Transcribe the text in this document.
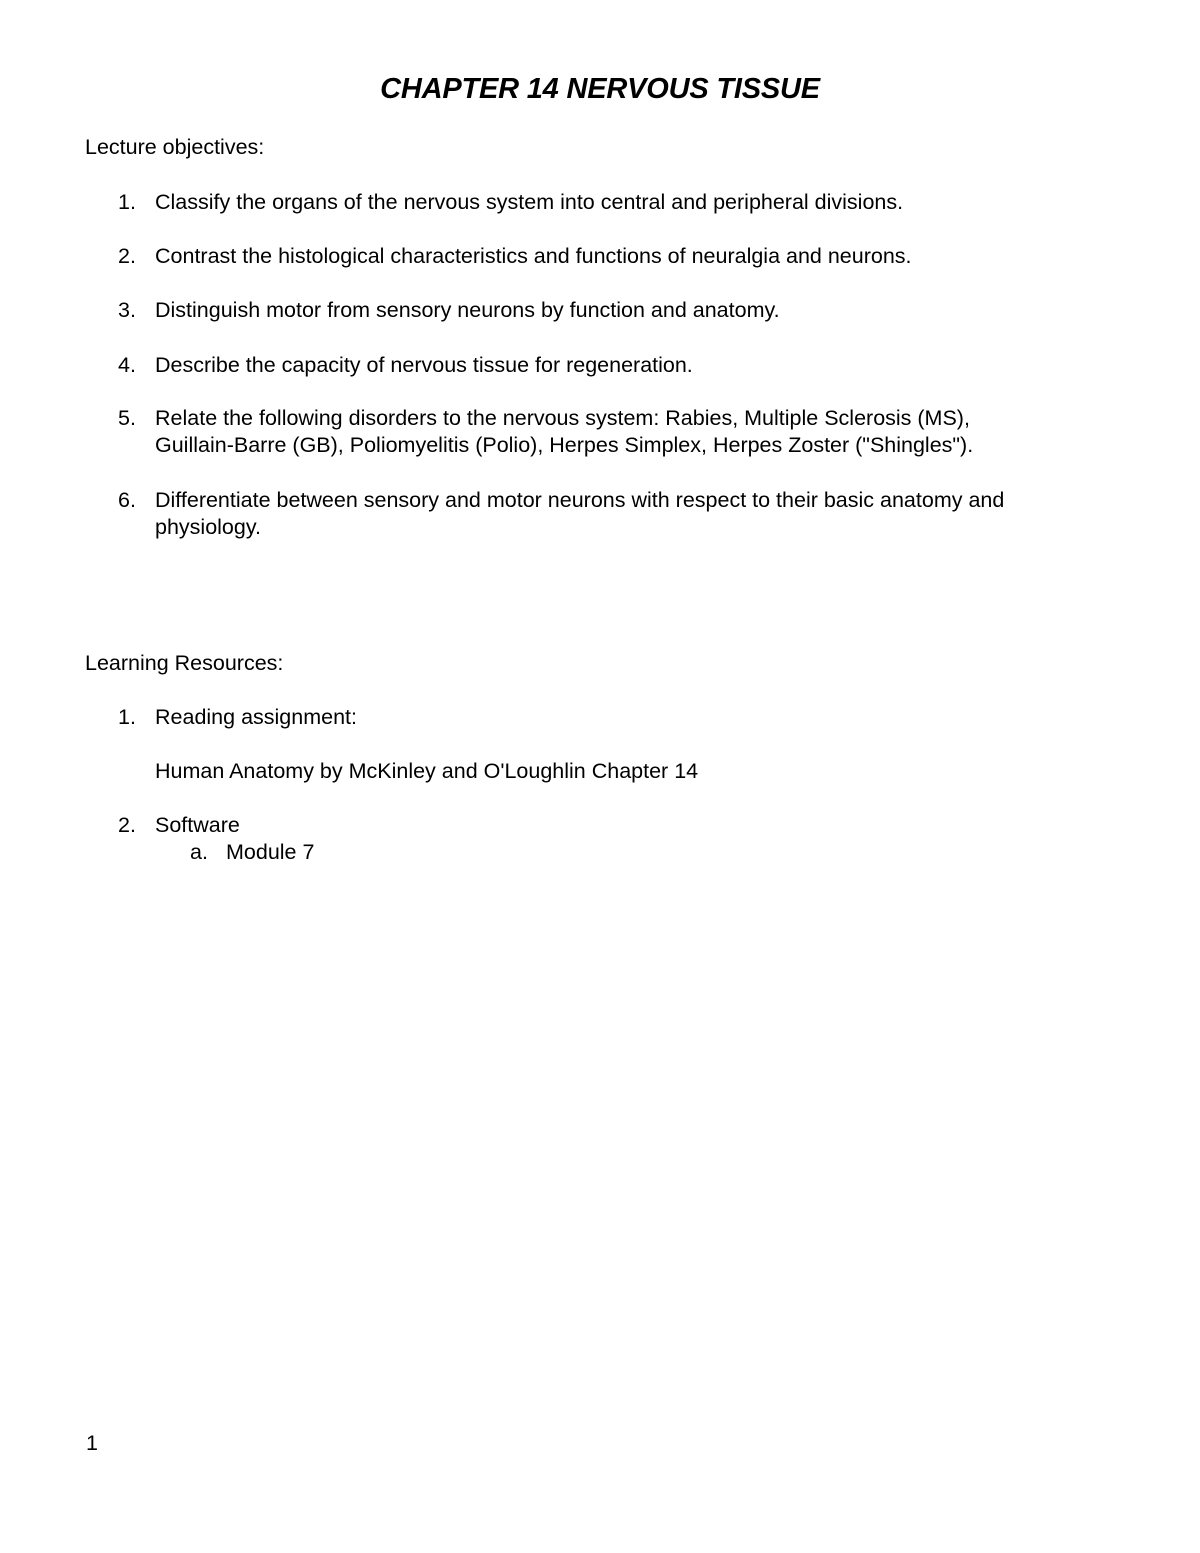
CHAPTER 14 NERVOUS TISSUE
Lecture objectives:
1. Classify the organs of the nervous system into central and peripheral divisions.
2. Contrast the histological characteristics and functions of neuralgia and neurons.
3. Distinguish motor from sensory neurons by function and anatomy.
4. Describe the capacity of nervous tissue for regeneration.
5. Relate the following disorders to the nervous system: Rabies, Multiple Sclerosis (MS),
Guillain-Barre (GB), Poliomyelitis (Polio), Herpes Simplex, Herpes Zoster ("Shingles").
6. Differentiate between sensory and motor neurons with respect to their basic anatomy and
physiology.
Learning Resources:
1. Reading assignment:
Human Anatomy by McKinley and O'Loughlin Chapter 14
2. Software
a. Module 7
1
